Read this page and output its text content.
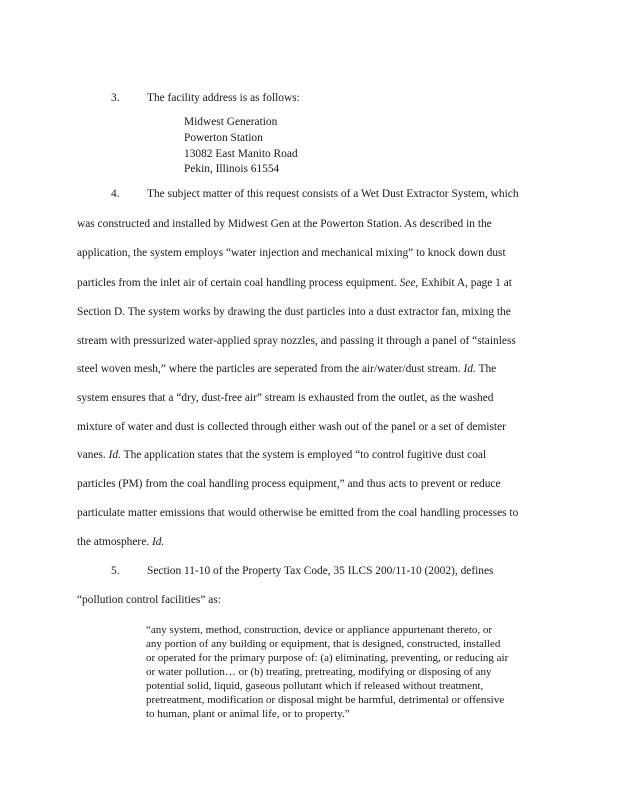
3. The facility address is as follows:
Midwest Generation
Powerton Station
13082 East Manito Road
Pekin, Illinois 61554
4. The subject matter of this request consists of a Wet Dust Extractor System, which
was constructed and installed by Midwest Gen at the Powerton Station. As described in the
application, the system employs “water injection and mechanical mixing” to knock down dust
particles from the inlet air of certain coal handling process equipment. See, Exhibit A, page 1 at
Section D. The system works by drawing the dust particles into a dust extractor fan, mixing the
stream with pressurized water-applied spray nozzles, and passing it through a panel of “stainless
steel woven mesh,” where the particles are seperated from the air/water/dust stream. Id. The
system ensures that a “dry, dust-free air” stream is exhausted from the outlet, as the washed
mixture of water and dust is collected through either wash out of the panel or a set of demister
vanes. Id. The application states that the system is employed “to control fugitive dust coal
particles (PM) from the coal handling process equipment,” and thus acts to prevent or reduce
particulate matter emissions that would otherwise be emitted from the coal handling processes to
the atmosphere. Id.
5. Section 11-10 of the Property Tax Code, 35 ILCS 200/11-10 (2002), defines
“pollution control facilities” as:
“any system, method, construction, device or appliance appurtenant thereto, or
any portion of any building or equipment, that is designed, constructed, installed
or operated for the primary purpose of: (a) eliminating, preventing, or reducing air
or water pollution… or (b) treating, pretreating, modifying or disposing of any
potential solid, liquid, gaseous pollutant which if released without treatment,
pretreatment, modification or disposal might be harmful, detrimental or offensive
to human, plant or animal life, or to property.”
